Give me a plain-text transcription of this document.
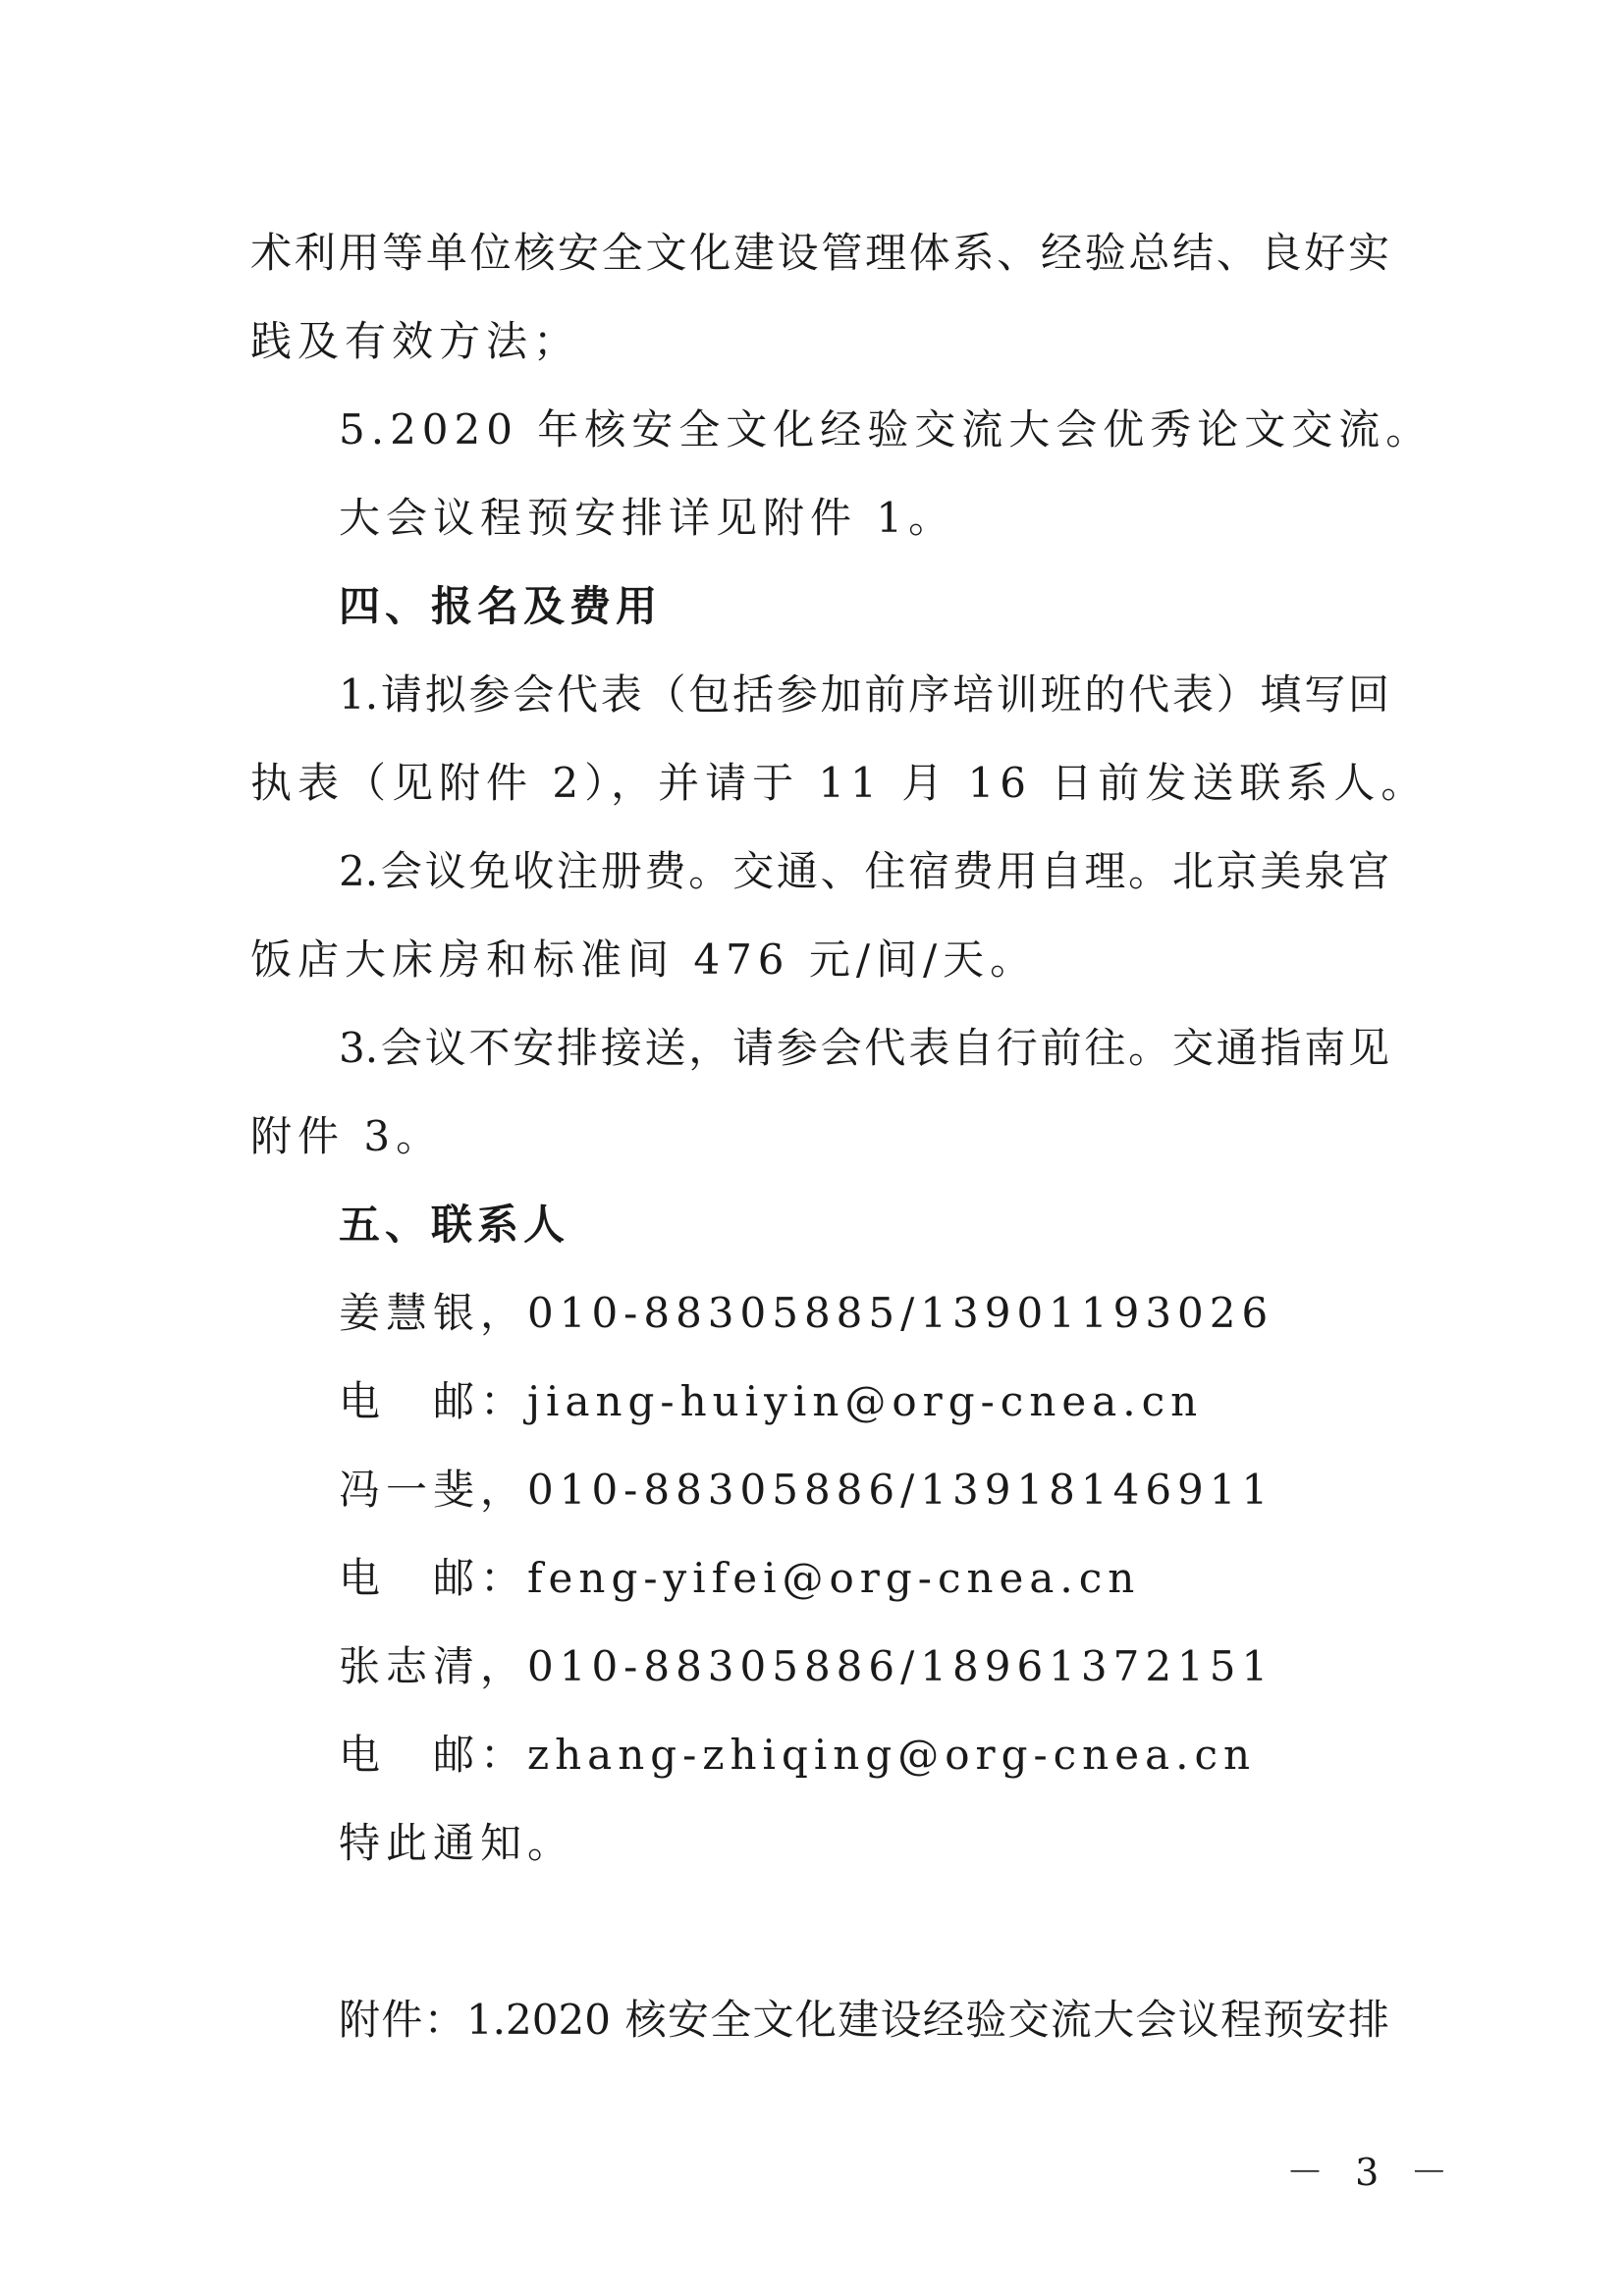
术利用等单位核安全文化建设管理体系、经验总结、良好实
践及有效方法；
5.2020 年核安全文化经验交流大会优秀论文交流。
大会议程预安排详见附件 1。
四、报名及费用
1.请拟参会代表（包括参加前序培训班的代表）填写回
执表（见附件 2），并请于 11 月 16 日前发送联系人。
2.会议免收注册费。交通、住宿费用自理。北京美泉宫
饭店大床房和标准间 476 元/间/天。
3.会议不安排接送，请参会代表自行前往。交通指南见
附件 3。
五、联系人
姜慧银，010-88305885/13901193026
电　邮：jiang-huiyin@org-cnea.cn
冯一斐，010-88305886/13918146911
电　邮：feng-yifei@org-cnea.cn
张志清，010-88305886/18961372151
电　邮：zhang-zhiqing@org-cnea.cn
特此通知。
附件：1.2020 核安全文化建设经验交流大会议程预安排
－ 3 －
